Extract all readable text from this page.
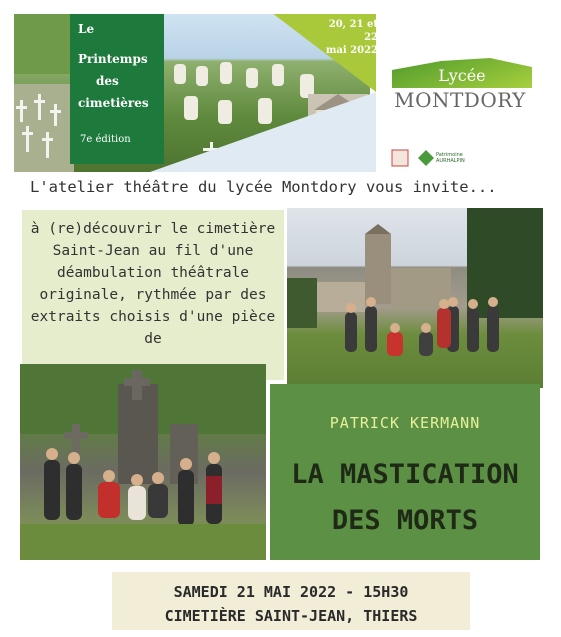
20, 21 et 22
mai 2022
Le
Printemps
des
cimetières
7e édition
Lycée
MONTDORY
Patrimoine AURHALPIN
L'atelier théâtre du lycée Montdory vous invite...
à (re)découvrir le cimetière
Saint-Jean au fil d'une
déambulation théâtrale
originale, rythmée par des
extraits choisis d'une pièce de
PATRICK KERMANN
LA MASTICATION
DES MORTS
SAMEDI 21 MAI 2022 - 15H30
CIMETIÈRE SAINT-JEAN, THIERS
